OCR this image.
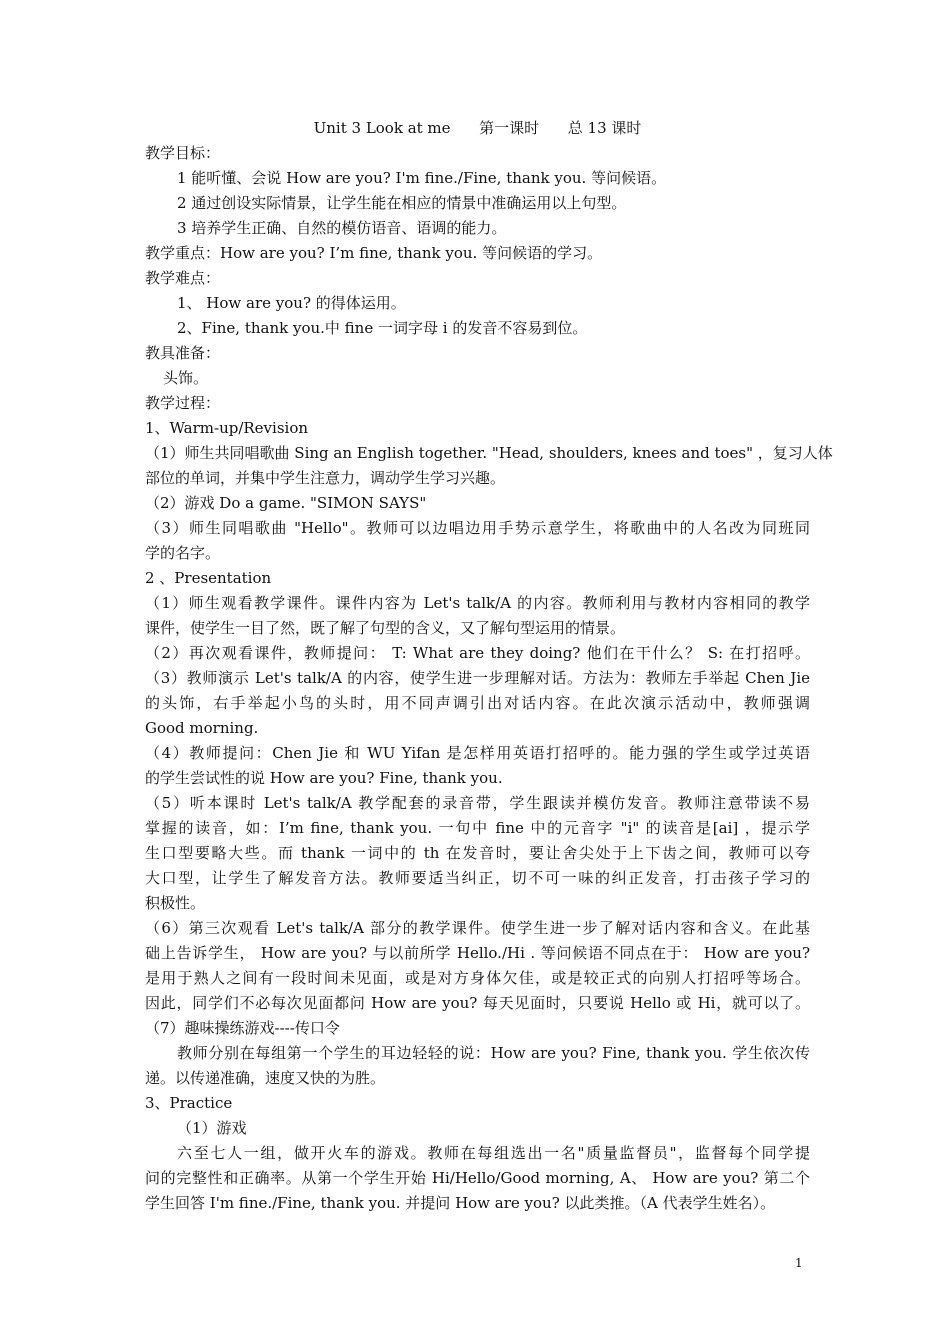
Unit 3 Look at me      第一课时      总 13 课时
教学目标：
1 能听懂、会说 How are you? I'm fine./Fine, thank you. 等问候语。
2 通过创设实际情景，让学生能在相应的情景中准确运用以上句型。
3 培养学生正确、自然的模仿语音、语调的能力。
教学重点：How are you? I’m fine, thank you. 等问候语的学习。
教学难点：
1、 How are you? 的得体运用。
2、Fine, thank you.中 fine 一词字母 i 的发音不容易到位。
教具准备：
头饰。
教学过程：
1、Warm-up/Revision
（1）师生共同唱歌曲 Sing an English together. "Head, shoulders, knees and toes" ，复习人体
部位的单词，并集中学生注意力，调动学生学习兴趣。
（2）游戏 Do a game. "SIMON SAYS"
（3）师生同唱歌曲 "Hello"。教师可以边唱边用手势示意学生，将歌曲中的人名改为同班同
学的名字。
2 、Presentation
（1）师生观看教学课件。课件内容为 Let's talk/A 的内容。教师利用与教材内容相同的教学
课件，使学生一目了然，既了解了句型的含义，又了解句型运用的情景。
（2）再次观看课件，教师提问： T: What are they doing? 他们在干什么？ S: 在打招呼。
（3）教师演示 Let's talk/A 的内容，使学生进一步理解对话。方法为：教师左手举起 Chen Jie
的头饰，右手举起小鸟的头时，用不同声调引出对话内容。在此次演示活动中，教师强调
Good morning.
（4）教师提问：Chen Jie 和 WU Yifan 是怎样用英语打招呼的。能力强的学生或学过英语
的学生尝试性的说 How are you? Fine, thank you.
（5）听本课时 Let's talk/A 教学配套的录音带，学生跟读并模仿发音。教师注意带读不易
掌握的读音，如：I’m fine, thank you. 一句中 fine 中的元音字 "i" 的读音是[ai] ，提示学
生口型要略大些。而 thank 一词中的 th 在发音时，要让舍尖处于上下齿之间，教师可以夸
大口型，让学生了解发音方法。教师要适当纠正，切不可一味的纠正发音，打击孩子学习的
积极性。
（6）第三次观看 Let's talk/A 部分的教学课件。使学生进一步了解对话内容和含义。在此基
础上告诉学生， How are you? 与以前所学 Hello./Hi . 等问候语不同点在于： How are you?
是用于熟人之间有一段时间未见面，或是对方身体欠佳，或是较正式的向别人打招呼等场合。
因此，同学们不必每次见面都问 How are you? 每天见面时，只要说 Hello 或 Hi，就可以了。
（7）趣味操练游戏----传口令
教师分别在每组第一个学生的耳边轻轻的说：How are you? Fine, thank you. 学生依次传
递。以传递准确，速度又快的为胜。
3、Practice
（1）游戏
六至七人一组，做开火车的游戏。教师在每组选出一名"质量监督员"，监督每个同学提
问的完整性和正确率。从第一个学生开始 Hi/Hello/Good morning, A、 How are you? 第二个
学生回答 I'm fine./Fine, thank you. 并提问 How are you? 以此类推。（A 代表学生姓名）。
1
